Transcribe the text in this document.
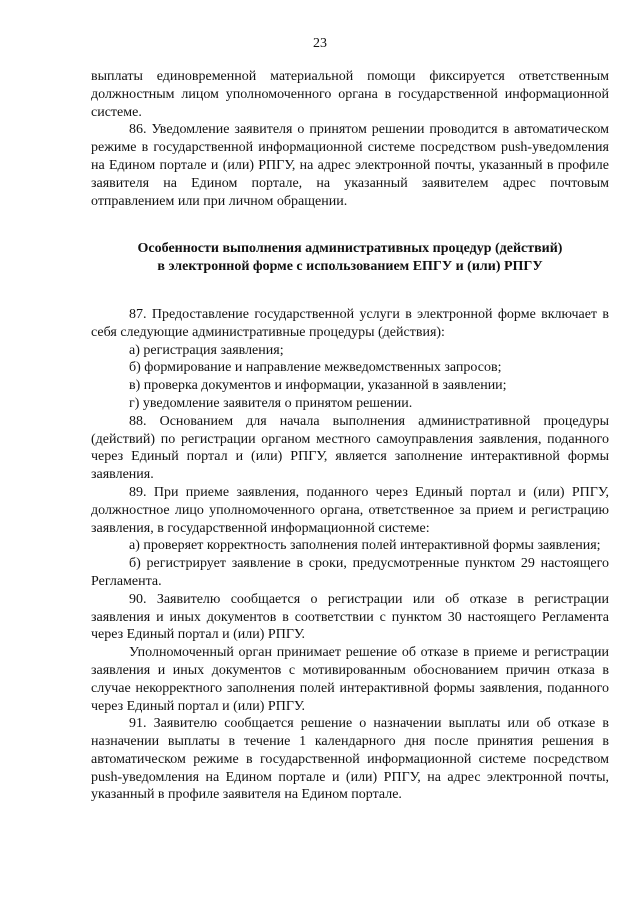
23

выплаты единовременной материальной помощи фиксируется ответственным должностным лицом уполномоченного органа в государственной информационной системе.

86. Уведомление заявителя о принятом решении проводится в автоматическом режиме в государственной информационной системе посредством push-уведомления на Едином портале и (или) РПГУ, на адрес электронной почты, указанный в профиле заявителя на Едином портале, на указанный заявителем адрес почтовым отправлением или при личном обращении.

Особенности выполнения административных процедур (действий)
в электронной форме с использованием ЕПГУ и (или) РПГУ

87. Предоставление государственной услуги в электронной форме включает в себя следующие административные процедуры (действия):

а) регистрация заявления;

б) формирование и направление межведомственных запросов;

в) проверка документов и информации, указанной в заявлении;

г) уведомление заявителя о принятом решении.

88. Основанием для начала выполнения административной процедуры (действий) по регистрации органом местного самоуправления заявления, поданного через Единый портал и (или) РПГУ, является заполнение интерактивной формы заявления.

89. При приеме заявления, поданного через Единый портал и (или) РПГУ, должностное лицо уполномоченного органа, ответственное за прием и регистрацию заявления, в государственной информационной системе:

а) проверяет корректность заполнения полей интерактивной формы заявления;

б) регистрирует заявление в сроки, предусмотренные пунктом 29 настоящего Регламента.

90. Заявителю сообщается о регистрации или об отказе в регистрации заявления и иных документов в соответствии с пунктом 30 настоящего Регламента через Единый портал и (или) РПГУ.

Уполномоченный орган принимает решение об отказе в приеме и регистрации заявления и иных документов с мотивированным обоснованием причин отказа в случае некорректного заполнения полей интерактивной формы заявления, поданного через Единый портал и (или) РПГУ.

91. Заявителю сообщается решение о назначении выплаты или об отказе в назначении выплаты в течение 1 календарного дня после принятия решения в автоматическом режиме в государственной информационной системе посредством push-уведомления на Едином портале и (или) РПГУ, на адрес электронной почты, указанный в профиле заявителя на Едином портале.
